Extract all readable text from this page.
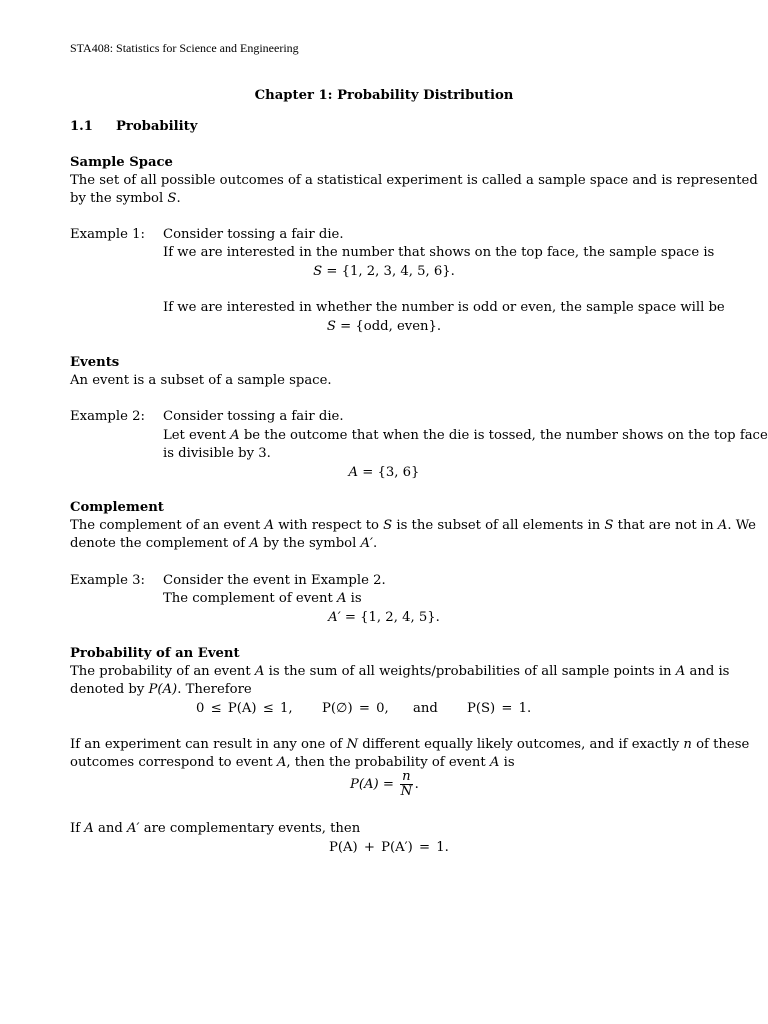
STA408: Statistics for Science and Engineering
Chapter 1: Probability Distribution
1.1 Probability
Sample Space
The set of all possible outcomes of a statistical experiment is called a sample space and is represented
by the symbol S.
Example 1: Consider tossing a fair die.
If we are interested in the number that shows on the top face, the sample space is
S = {1, 2, 3, 4, 5, 6}.
If we are interested in whether the number is odd or even, the sample space will be
S = {odd, even}.
Events
An event is a subset of a sample space.
Example 2: Consider tossing a fair die.
Let event A be the outcome that when the die is tossed, the number shows on the top face
is divisible by 3.
A = {3, 6}
Complement
The complement of an event A with respect to S is the subset of all elements in S that are not in A. We
denote the complement of A by the symbol A′.
Example 3: Consider the event in Example 2.
The complement of event A is
A′ = {1, 2, 4, 5}.
Probability of an Event
The probability of an event A is the sum of all weights/probabilities of all sample points in A and is
denoted by P(A). Therefore
0 ≤ P(A) ≤ 1, P(∅) = 0, and P(S) = 1.
If an experiment can result in any one of N different equally likely outcomes, and if exactly n of these
outcomes correspond to event A, then the probability of event A is
$P(A) = \frac{n}{N}$ .
If A and A′ are complementary events, then
P(A) + P(A′) = 1.
